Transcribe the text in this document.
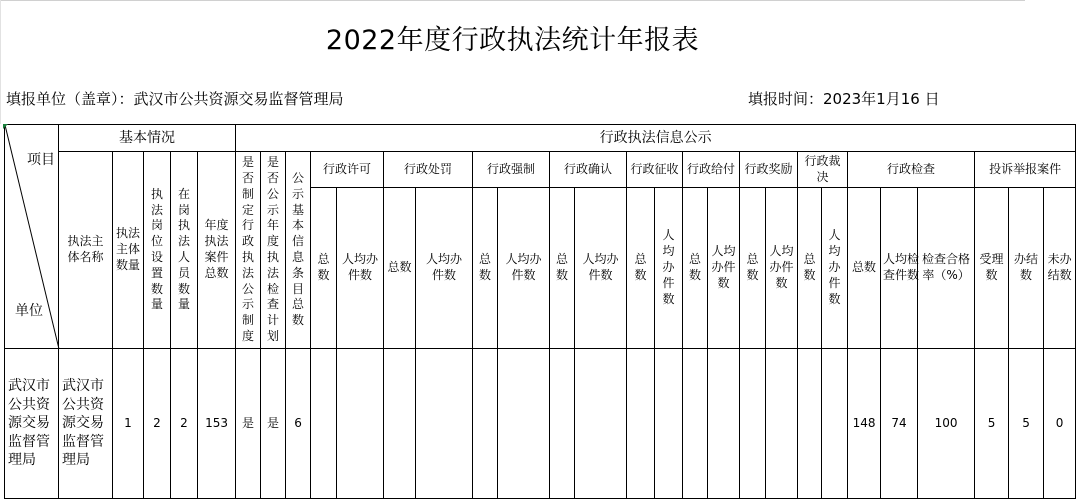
2022年度行政执法统计年报表
填报单位（盖章）：武汉市公共资源交易监督管理局	填报时间：2023年1月16 日
项目
单位	基本情况					行政执法信息公示																								
	执法主体名称	执法主体数量	执法岗位设置数量	在岗执法人员数量	年度执法案件总数	是否制定行政执法公示制度	是否公示年度执法检查计划	公示基本信息条目总数	行政许可		行政处罚		行政强制		行政确认		行政征收		行政给付		行政奖励		行政裁决		行政检查			投诉举报案件		
									总数	人均办件数	总数	人均办件数	总数	人均办件数	总数	人均办件数	总数	人均办件数	总数	人均办件数	总数	人均办件数	总数	人均办件数	总数	人均检查件数	检查合格率（%）	受理数	办结数	未办结数
武汉市公共资源交易监督管理局	武汉市公共资源交易监督管理局	1	2	2	153	是	是	6																	148	74	100	5	5	0
